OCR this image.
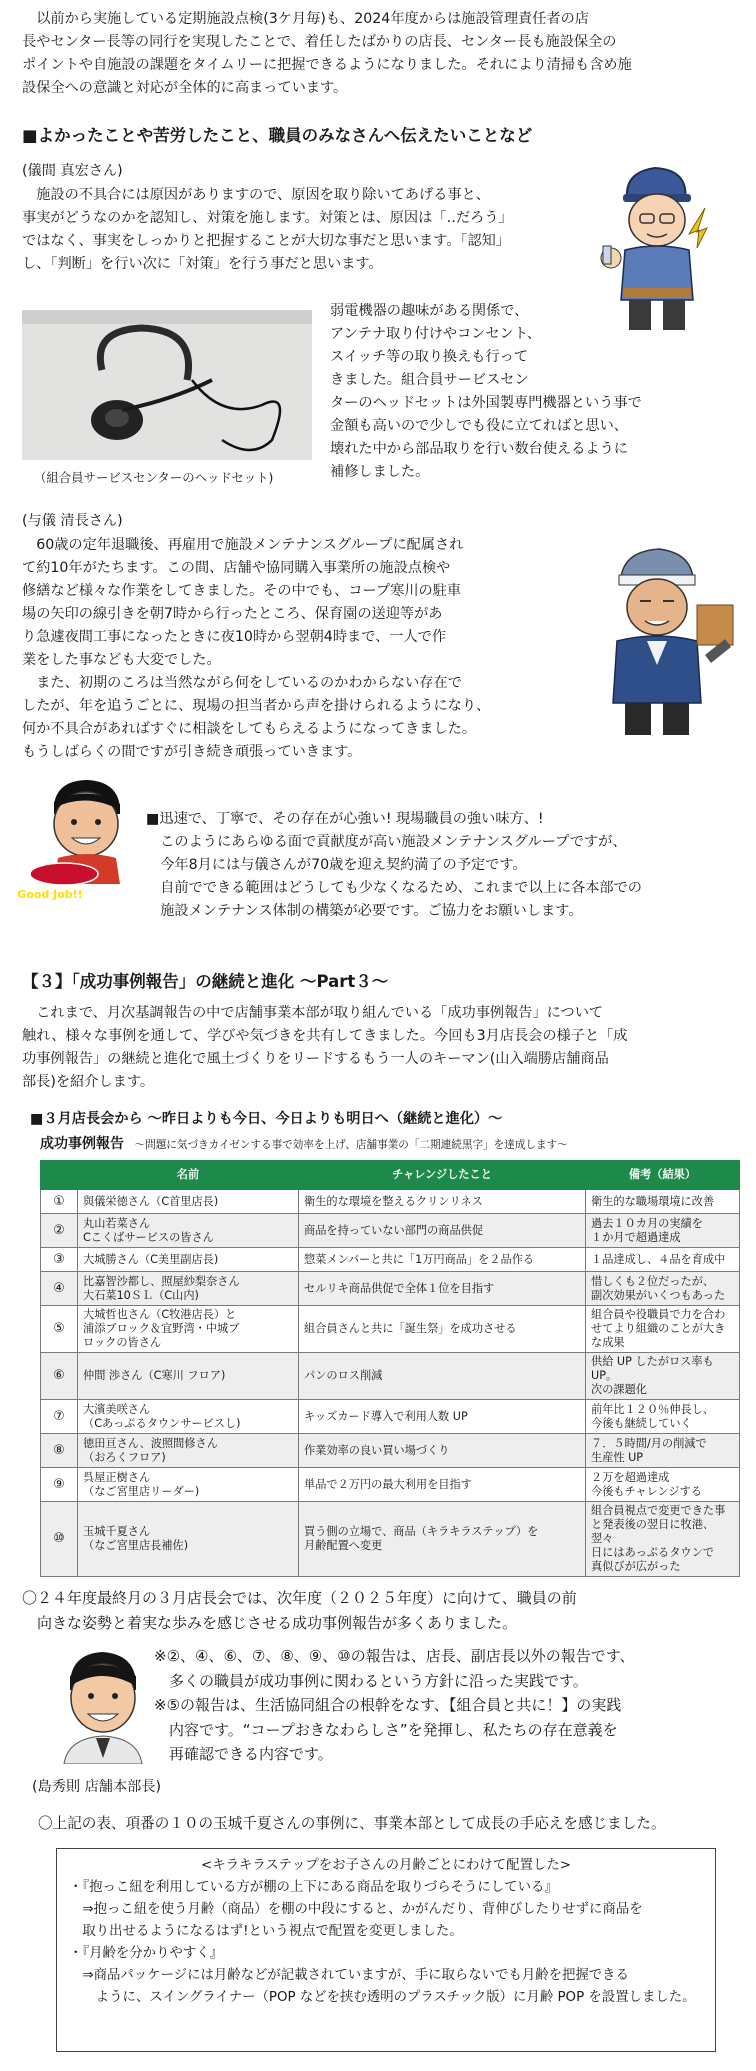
　以前から実施している定期施設点検(3ケ月毎)も、2024年度からは施設管理責任者の店

長やセンター長等の同行を実現したことで、着任したばかりの店長、センター長も施設保全の

ポイントや自施設の課題をタイムリーに把握できるようになりました。それにより清掃も含め施

設保全への意識と対応が全体的に高まっています。

■よかったことや苦労したこと、職員のみなさんへ伝えたいことなど
(儀間 真宏さん)

　施設の不具合には原因がありますので、原因を取り除いてあげる事と、

事実がどうなのかを認知し、対策を施します。対策とは、原因は「‥だろう」

ではなく、事実をしっかりと把握することが大切な事だと思います。「認知」

し、「判断」を行い次に「対策」を行う事だと思います。

（組合員サービスセンターのヘッドセット)

弱電機器の趣味がある関係で、

アンテナ取り付けやコンセント、

スイッチ等の取り換えも行って

きました。組合員サービスセン

ターのヘッドセットは外国製専門機器という事で

金額も高いので少しでも役に立てればと思い、

壊れた中から部品取りを行い数台使えるように

補修しました。

(与儀 清長さん)

　60歳の定年退職後、再雇用で施設メンテナンスグループに配属され

て約10年がたちます。この間、店舗や協同購入事業所の施設点検や

修繕など様々な作業をしてきました。その中でも、コープ寒川の駐車

場の矢印の線引きを朝7時から行ったところ、保育園の送迎等があ

り急遽夜間工事になったときに夜10時から翌朝4時まで、一人で作

業をした事なども大変でした。

　また、初期のころは当然ながら何をしているのかわからない存在で

したが、年を追うごとに、現場の担当者から声を掛けられるようになり、

何か不具合があればすぐに相談をしてもらえるようになってきました。

もうしばらくの間ですが引き続き頑張っていきます。

Good Job!!

■迅速で、丁寧で、その存在が心強い! 現場職員の強い味方、!

　このようにあらゆる面で貢献度が高い施設メンテナンスグループですが、

　今年8月には与儀さんが70歳を迎え契約満了の予定です。

　自前でできる範囲はどうしても少なくなるため、これまで以上に各本部での

　施設メンテナンス体制の構築が必要です。ご協力をお願いします。

【３】「成功事例報告」の継続と進化 ～Part３～

　これまで、月次基調報告の中で店舗事業本部が取り組んでいる「成功事例報告」について

触れ、様々な事例を通して、学びや気づきを共有してきました。今回も3月店長会の様子と「成

功事例報告」の継続と進化で風土づくりをリードするもう一人のキーマン(山入端勝店舗商品

部長)を紹介します。

■３月店長会から ～昨日よりも今日、今日よりも明日へ（継続と進化）～
成功事例報告 ～問題に気づきカイゼンする事で効率を上げ、店舗事業の「二期連続黒字」を達成します～
	名前	チャレンジしたこと	備考（結果）
①	與儀栄徳さん（C首里店長)	衛生的な環境を整えるクリンリネス	衛生的な職場環境に改善
②	丸山若菜さん
Cこくばサービスの皆さん	商品を持っていない部門の商品供促	過去１０カ月の実績を
１か月で超過達成
③	大城勝さん（C美里副店長)	惣菜メンバーと共に「1万円商品」を２品作る	１品達成し、４品を育成中
④	比嘉智沙都し、照屋紗梨奈さん
大石菜10ＳＬ（C山内)	セルリキ商品供促で全体１位を目指す	惜しくも２位だったが、
副次効果がいくつもあった
⑤	大城哲也さん（C牧港店長）と
浦添ブロック＆宜野湾・中城ブ
ロックの皆さん	組合員さんと共に「誕生祭」を成功させる	組合員や役職員で力を合わ
せてより組織のことが大き
な成果
⑥	仲間 渉さん（C寒川 フロア)	パンのロス削減	供給 UP したがロス率も UP。
次の課題化
⑦	大濱美咲さん
（Cあっぷるタウンサービスし)	キッズカード導入で利用人数 UP	前年比１２０％伸長し、
今後も継続していく
⑧	徳田亘さん、波照間修さん
（おろくフロア)	作業効率の良い買い場づくり	７．５時間/月の削減で
生産性 UP
⑨	呉屋正樹さん
（なご宮里店リーダー)	単品で２万円の最大利用を目指す	２万を超過達成
今後もチャレンジする
⑩	玉城千夏さん
（なご宮里店長補佐)	買う側の立場で、商品（キラキラステップ）を
月齢配置へ変更	組合員視点で変更できた事
と発表後の翌日に牧港、翌々
日にはあっぷるタウンで
真似びが広がった

〇２４年度最終月の３月店長会では、次年度（２０２５年度）に向けて、職員の前

　向きな姿勢と着実な歩みを感じさせる成功事例報告が多くありました。

※②、④、⑥、⑦、⑧、⑨、⑩の報告は、店長、副店長以外の報告です、

　多くの職員が成功事例に関わるという方針に沿った実践です。

※⑤の報告は、生活協同組合の根幹をなす、【組合員と共に！】の実践

　内容です。“コープおきなわらしさ”を発揮し、私たちの存在意義を

　再確認できる内容です。

(島秀則 店舗本部長)
〇上記の表、項番の１０の玉城千夏さんの事例に、事業本部として成長の手応えを感じました。

<キラキラステップをお子さんの月齢ごとにわけて配置した>

・『抱っこ紐を利用している方が棚の上下にある商品を取りづらそうにしている』

　⇒抱っこ紐を使う月齢（商品）を棚の中段にすると、かがんだり、背伸びしたりせずに商品を

　取り出せるようになるはず!という視点で配置を変更しました。

・『月齢を分かりやすく』

　⇒商品パッケージには月齢などが記載されていますが、手に取らないでも月齢を把握できる

　　ように、スイングライナー（POP などを挟む透明のプラスチック版）に月齢 POP を設置しました。
